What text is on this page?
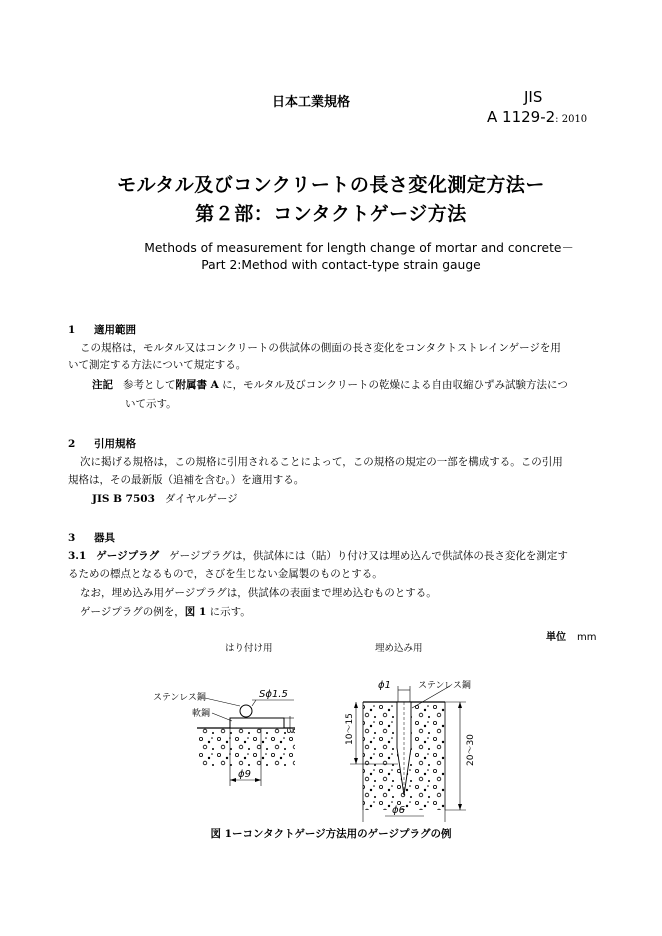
日本工業規格	JIS
A 1129-2: 2010
モルタル及びコンクリートの長さ変化測定方法ー
第２部：コンタクトゲージ方法
Methods of measurement for length change of mortar and concrete－
Part 2:Method with contact-type strain gauge
1 適用範囲
この規格は，モルタル又はコンクリートの供試体の側面の長さ変化をコンタクトストレインゲージを用
いて測定する方法について規定する。
注記 参考として附属書 A に，モルタル及びコンクリートの乾燥による自由収縮ひずみ試験方法につ
いて示す。
2 引用規格
次に掲げる規格は，この規格に引用されることによって，この規格の規定の一部を構成する。この引用
規格は，その最新版（追補を含む。）を適用する。
JIS B 7503 ダイヤルゲージ
3 器具
3.1 ゲージプラグ ゲージプラグは，供試体には（貼）り付け又は埋め込んで供試体の長さ変化を測定す
るための標点となるもので，さびを生じない金属製のものとする。
なお，埋め込み用ゲージプラグは，供試体の表面まで埋め込むものとする。
ゲージプラグの例を，図 1 に示す。
単位 mm
はり付け用	埋め込み用
ステンレス鋼
軟鋼
Sϕ1.5
3
ϕ9
ϕ1	ステンレス鋼
10〜15
20〜30
ϕ6
図 1ーコンタクトゲージ方法用のゲージプラグの例
